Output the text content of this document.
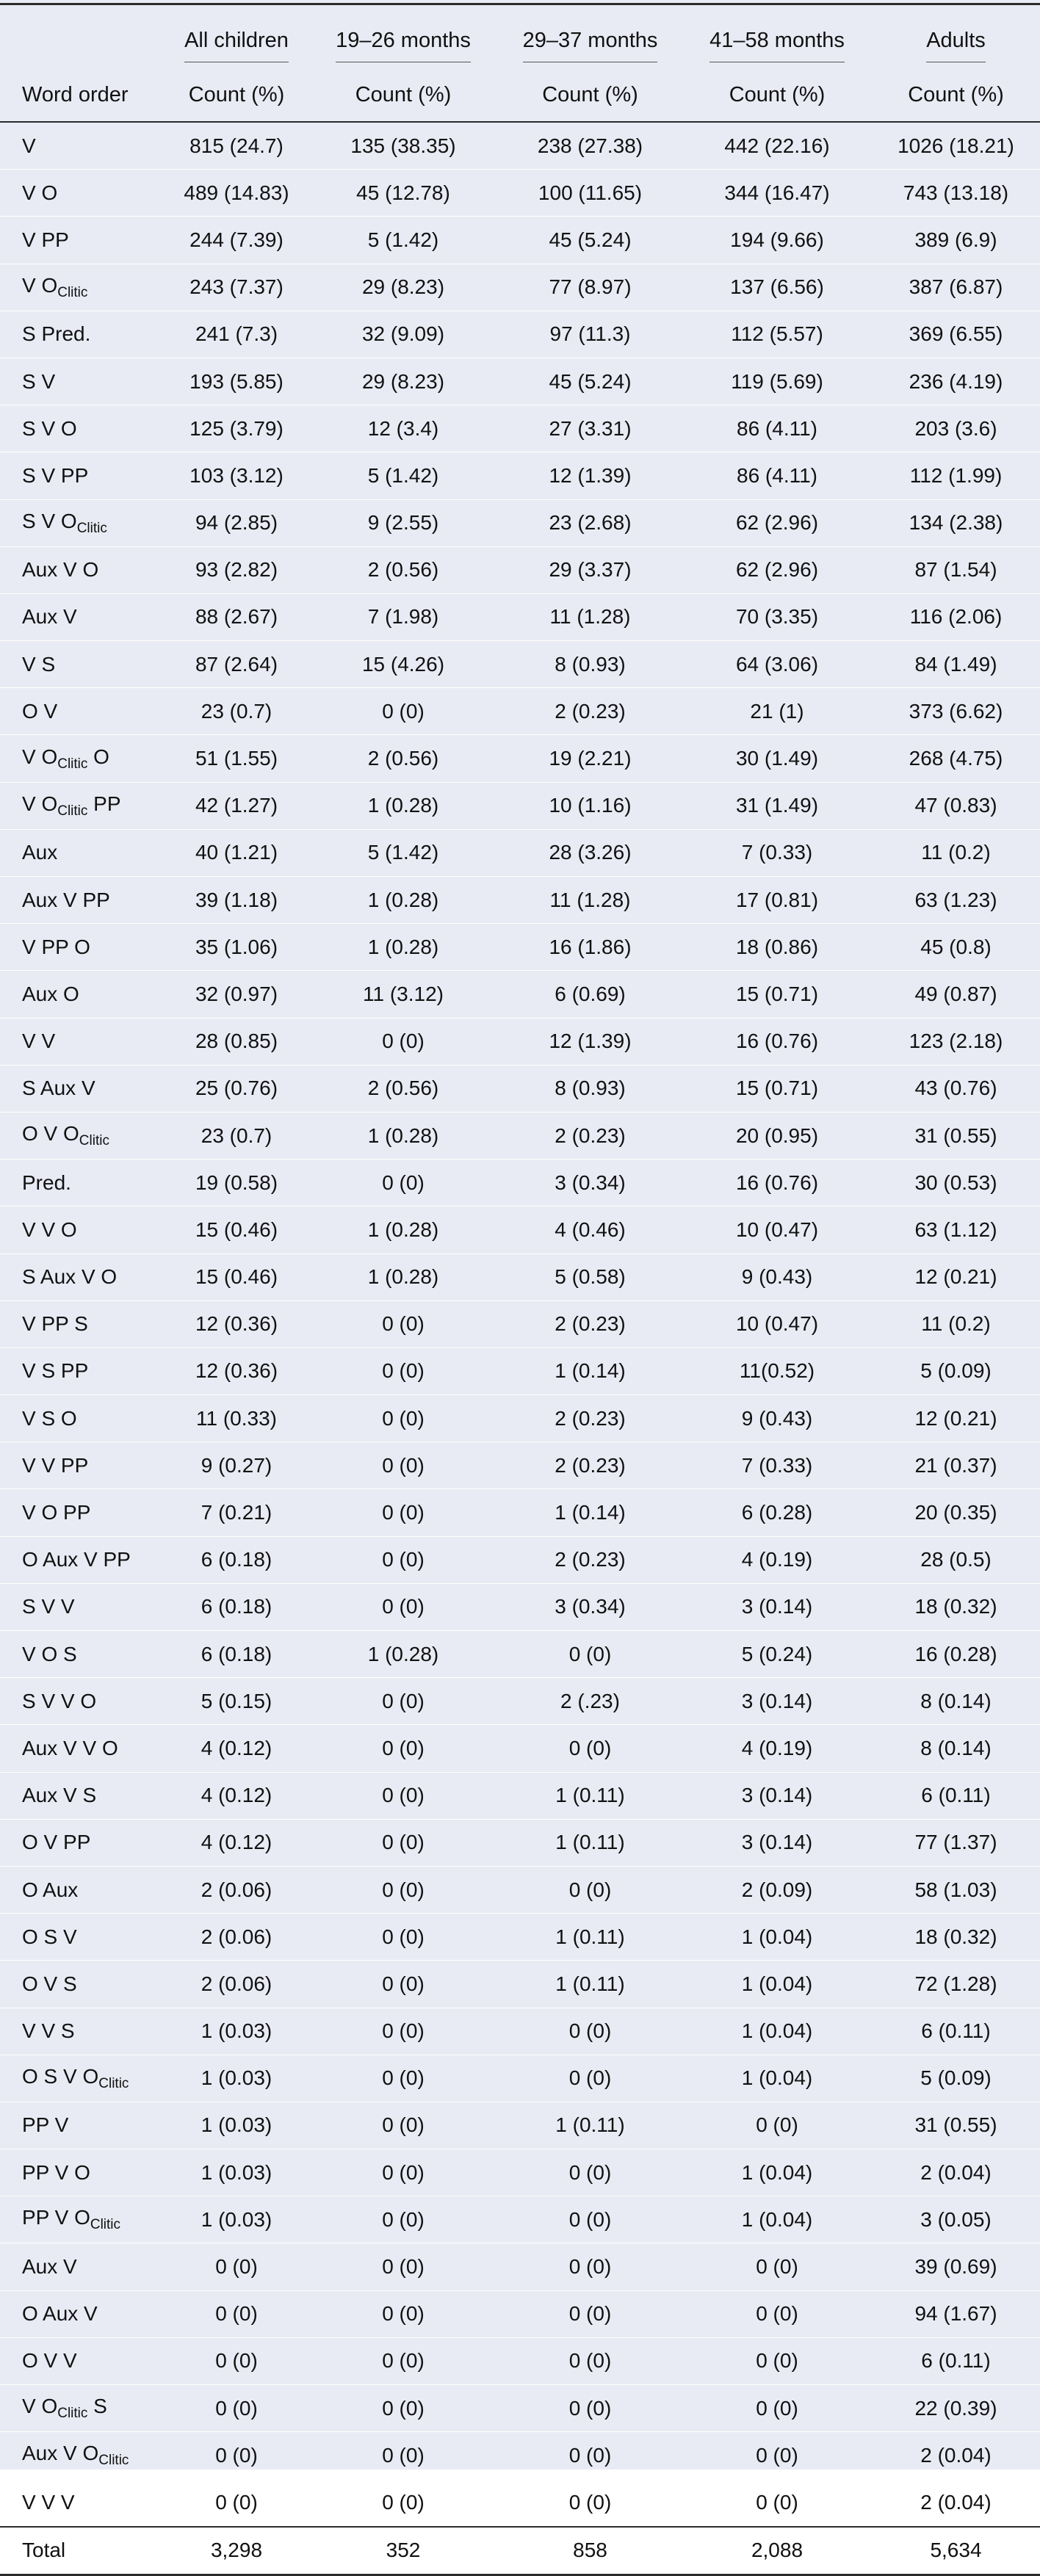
	All children	19–26 months	29–37 months	41–58 months	Adults
Word order	Count (%)	Count (%)	Count (%)	Count (%)	Count (%)
V	815 (24.7)	135 (38.35)	238 (27.38)	442 (22.16)	1026 (18.21)
V O	489 (14.83)	45 (12.78)	100 (11.65)	344 (16.47)	743 (13.18)
V PP	244 (7.39)	5 (1.42)	45 (5.24)	194 (9.66)	389 (6.9)
V $O_{Clitic}$	243 (7.37)	29 (8.23)	77 (8.97)	137 (6.56)	387 (6.87)
S Pred.	241 (7.3)	32 (9.09)	97 (11.3)	112 (5.57)	369 (6.55)
S V	193 (5.85)	29 (8.23)	45 (5.24)	119 (5.69)	236 (4.19)
S V O	125 (3.79)	12 (3.4)	27 (3.31)	86 (4.11)	203 (3.6)
S V PP	103 (3.12)	5 (1.42)	12 (1.39)	86 (4.11)	112 (1.99)
S V $O_{Clitic}$	94 (2.85)	9 (2.55)	23 (2.68)	62 (2.96)	134 (2.38)
Aux V O	93 (2.82)	2 (0.56)	29 (3.37)	62 (2.96)	87 (1.54)
Aux V	88 (2.67)	7 (1.98)	11 (1.28)	70 (3.35)	116 (2.06)
V S	87 (2.64)	15 (4.26)	8 (0.93)	64 (3.06)	84 (1.49)
O V	23 (0.7)	0 (0)	2 (0.23)	21 (1)	373 (6.62)
V $O_{Clitic}$ O	51 (1.55)	2 (0.56)	19 (2.21)	30 (1.49)	268 (4.75)
V $O_{Clitic}$ PP	42 (1.27)	1 (0.28)	10 (1.16)	31 (1.49)	47 (0.83)
Aux	40 (1.21)	5 (1.42)	28 (3.26)	7 (0.33)	11 (0.2)
Aux V PP	39 (1.18)	1 (0.28)	11 (1.28)	17 (0.81)	63 (1.23)
V PP O	35 (1.06)	1 (0.28)	16 (1.86)	18 (0.86)	45 (0.8)
Aux O	32 (0.97)	11 (3.12)	6 (0.69)	15 (0.71)	49 (0.87)
V V	28 (0.85)	0 (0)	12 (1.39)	16 (0.76)	123 (2.18)
S Aux V	25 (0.76)	2 (0.56)	8 (0.93)	15 (0.71)	43 (0.76)
O V $O_{Clitic}$	23 (0.7)	1 (0.28)	2 (0.23)	20 (0.95)	31 (0.55)
Pred.	19 (0.58)	0 (0)	3 (0.34)	16 (0.76)	30 (0.53)
V V O	15 (0.46)	1 (0.28)	4 (0.46)	10 (0.47)	63 (1.12)
S Aux V O	15 (0.46)	1 (0.28)	5 (0.58)	9 (0.43)	12 (0.21)
V PP S	12 (0.36)	0 (0)	2 (0.23)	10 (0.47)	11 (0.2)
V S PP	12 (0.36)	0 (0)	1 (0.14)	11(0.52)	5 (0.09)
V S O	11 (0.33)	0 (0)	2 (0.23)	9 (0.43)	12 (0.21)
V V PP	9 (0.27)	0 (0)	2 (0.23)	7 (0.33)	21 (0.37)
V O PP	7 (0.21)	0 (0)	1 (0.14)	6 (0.28)	20 (0.35)
O Aux V PP	6 (0.18)	0 (0)	2 (0.23)	4 (0.19)	28 (0.5)
S V V	6 (0.18)	0 (0)	3 (0.34)	3 (0.14)	18 (0.32)
V O S	6 (0.18)	1 (0.28)	0 (0)	5 (0.24)	16 (0.28)
S V V O	5 (0.15)	0 (0)	2 (.23)	3 (0.14)	8 (0.14)
Aux V V O	4 (0.12)	0 (0)	0 (0)	4 (0.19)	8 (0.14)
Aux V S	4 (0.12)	0 (0)	1 (0.11)	3 (0.14)	6 (0.11)
O V PP	4 (0.12)	0 (0)	1 (0.11)	3 (0.14)	77 (1.37)
O Aux	2 (0.06)	0 (0)	0 (0)	2 (0.09)	58 (1.03)
O S V	2 (0.06)	0 (0)	1 (0.11)	1 (0.04)	18 (0.32)
O V S	2 (0.06)	0 (0)	1 (0.11)	1 (0.04)	72 (1.28)
V V S	1 (0.03)	0 (0)	0 (0)	1 (0.04)	6 (0.11)
O S V $O_{Clitic}$	1 (0.03)	0 (0)	0 (0)	1 (0.04)	5 (0.09)
PP V	1 (0.03)	0 (0)	1 (0.11)	0 (0)	31 (0.55)
PP V O	1 (0.03)	0 (0)	0 (0)	1 (0.04)	2 (0.04)
PP V $O_{Clitic}$	1 (0.03)	0 (0)	0 (0)	1 (0.04)	3 (0.05)
Aux V	0 (0)	0 (0)	0 (0)	0 (0)	39 (0.69)
O Aux V	0 (0)	0 (0)	0 (0)	0 (0)	94 (1.67)
O V V	0 (0)	0 (0)	0 (0)	0 (0)	6 (0.11)
V $O_{Clitic}$ S	0 (0)	0 (0)	0 (0)	0 (0)	22 (0.39)
Aux V $O_{Clitic}$	0 (0)	0 (0)	0 (0)	0 (0)	2 (0.04)
V V V	0 (0)	0 (0)	0 (0)	0 (0)	2 (0.04)
Total	3,298	352	858	2,088	5,634
